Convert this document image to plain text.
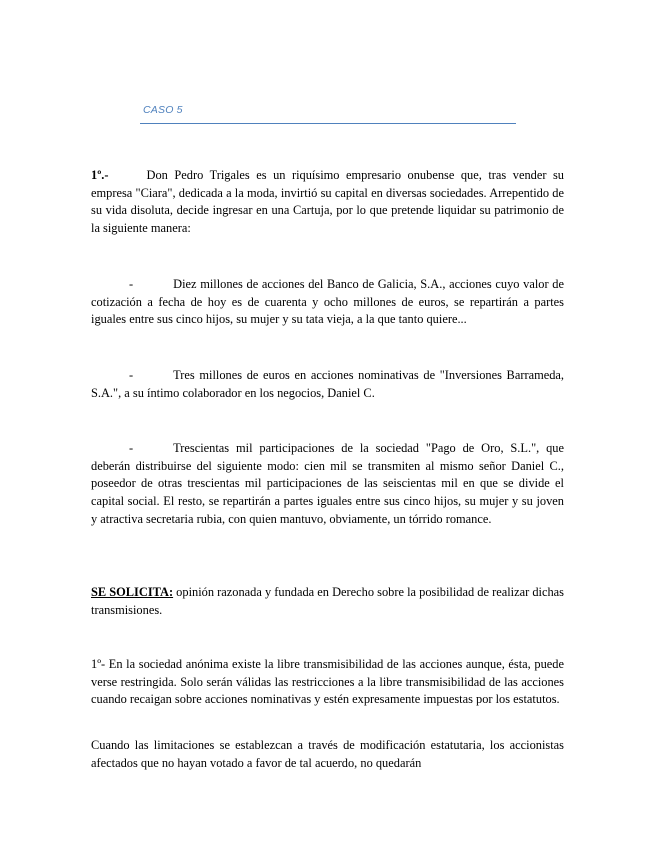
CASO 5

1º.-	Don Pedro Trigales es un riquísimo empresario onubense que, tras vender su empresa "Ciara", dedicada a la moda, invirtió su capital en diversas sociedades. Arrepentido de su vida disoluta, decide ingresar en una Cartuja, por lo que pretende liquidar su patrimonio de la siguiente manera:

-	Diez millones de acciones del Banco de Galicia, S.A., acciones cuyo valor de cotización a fecha de hoy es de cuarenta y ocho millones de euros, se repartirán a partes iguales entre sus cinco hijos, su mujer y su tata vieja, a la que tanto quiere...

-	Tres millones de euros en acciones nominativas de "Inversiones Barrameda, S.A.", a su íntimo colaborador en los negocios, Daniel C.

-	Trescientas mil participaciones de la sociedad "Pago de Oro, S.L.", que deberán distribuirse del siguiente modo: cien mil se transmiten al mismo señor Daniel C., poseedor de otras trescientas mil participaciones de las seiscientas mil en que se divide el capital social. El resto, se repartirán a partes iguales entre sus cinco hijos, su mujer y su joven y atractiva secretaria rubia, con quien mantuvo, obviamente, un tórrido romance.

SE SOLICITA: opinión razonada y fundada en Derecho sobre la posibilidad de realizar dichas transmisiones.

1º- En la sociedad anónima existe la libre transmisibilidad de las acciones aunque, ésta, puede verse restringida. Solo serán válidas las restricciones a la libre transmisibilidad de las acciones cuando recaigan sobre acciones nominativas y estén expresamente impuestas por los estatutos.

Cuando las limitaciones se establezcan a través de modificación estatutaria, los accionistas afectados que no hayan votado a favor de tal acuerdo, no quedarán
